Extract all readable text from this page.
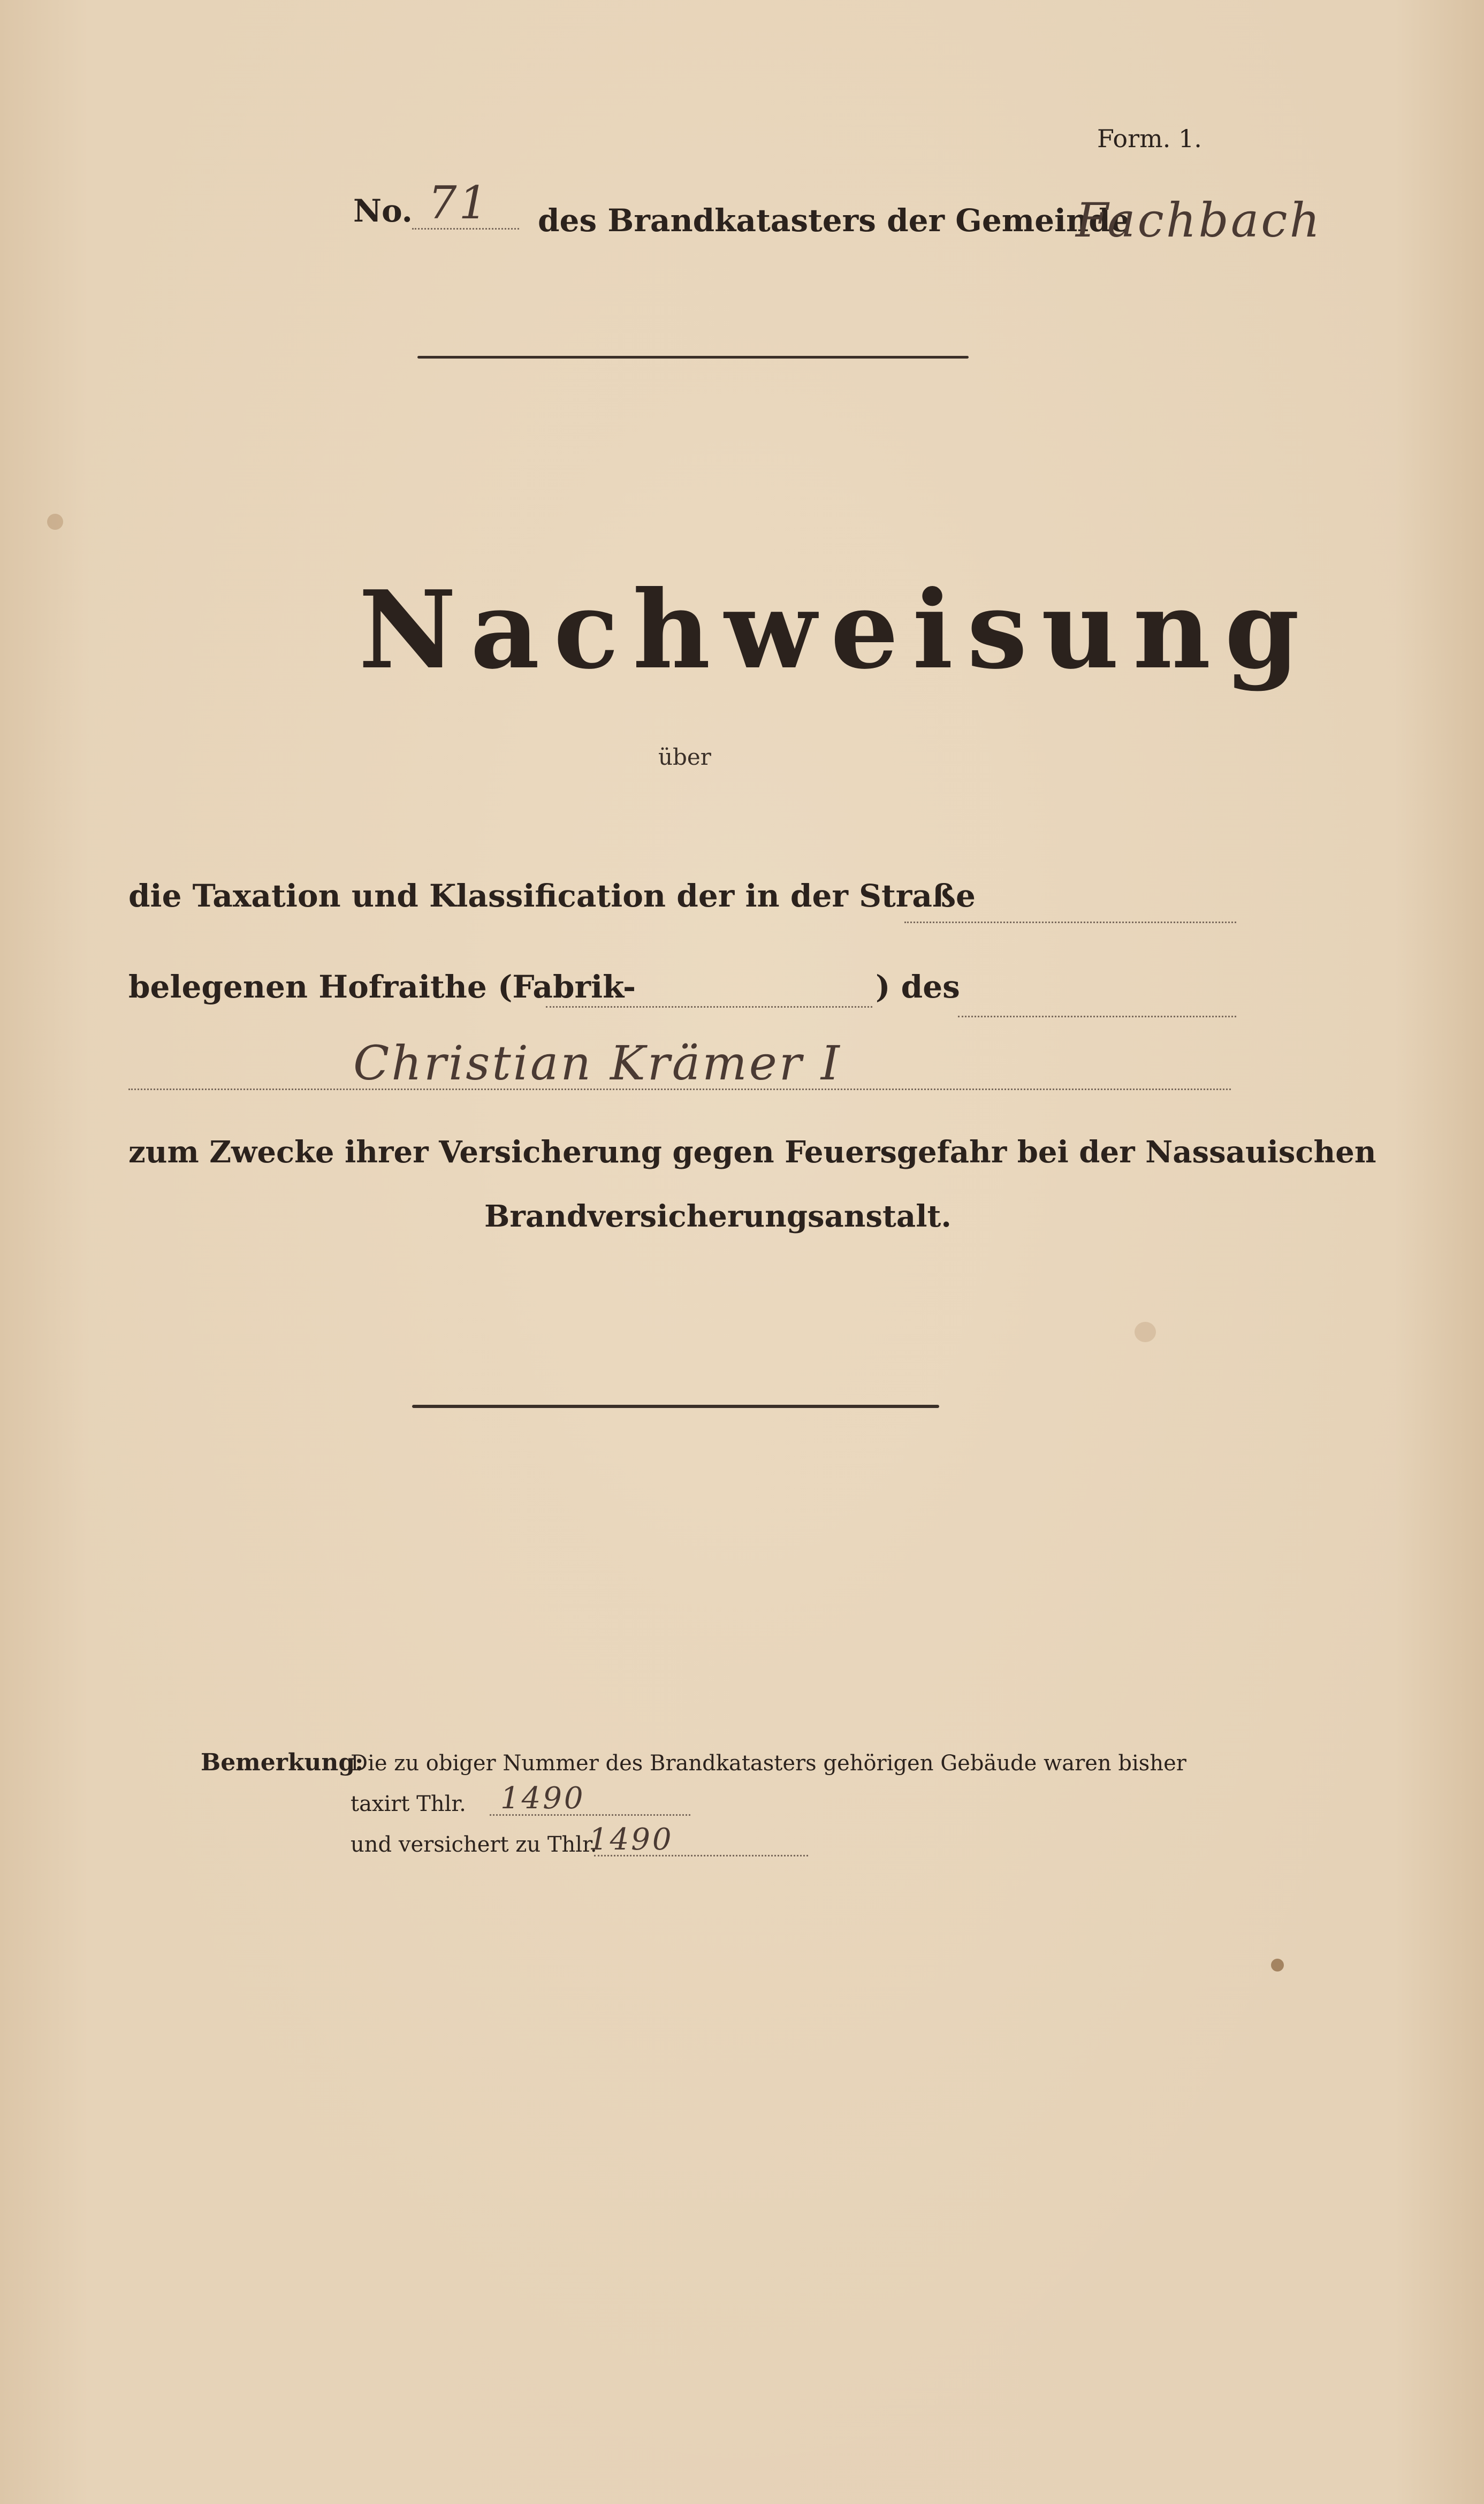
Form. 1.
No. 71 des Brandkatasters der Gemeinde
Fachbach
Nachweisung
über
die Taxation und Klassification der in der Straße
belegenen Hofraithe (Fabrik-	) des
Christian Krämer I
zum Zwecke ihrer Versicherung gegen Feuersgefahr bei der Nassauischen
Brandversicherungsanstalt.
Bemerkung:
Die zu obiger Nummer des Brandkatasters gehörigen Gebäude waren bisher
taxirt Thlr. 1490
und versichert zu Thlr.
1490
